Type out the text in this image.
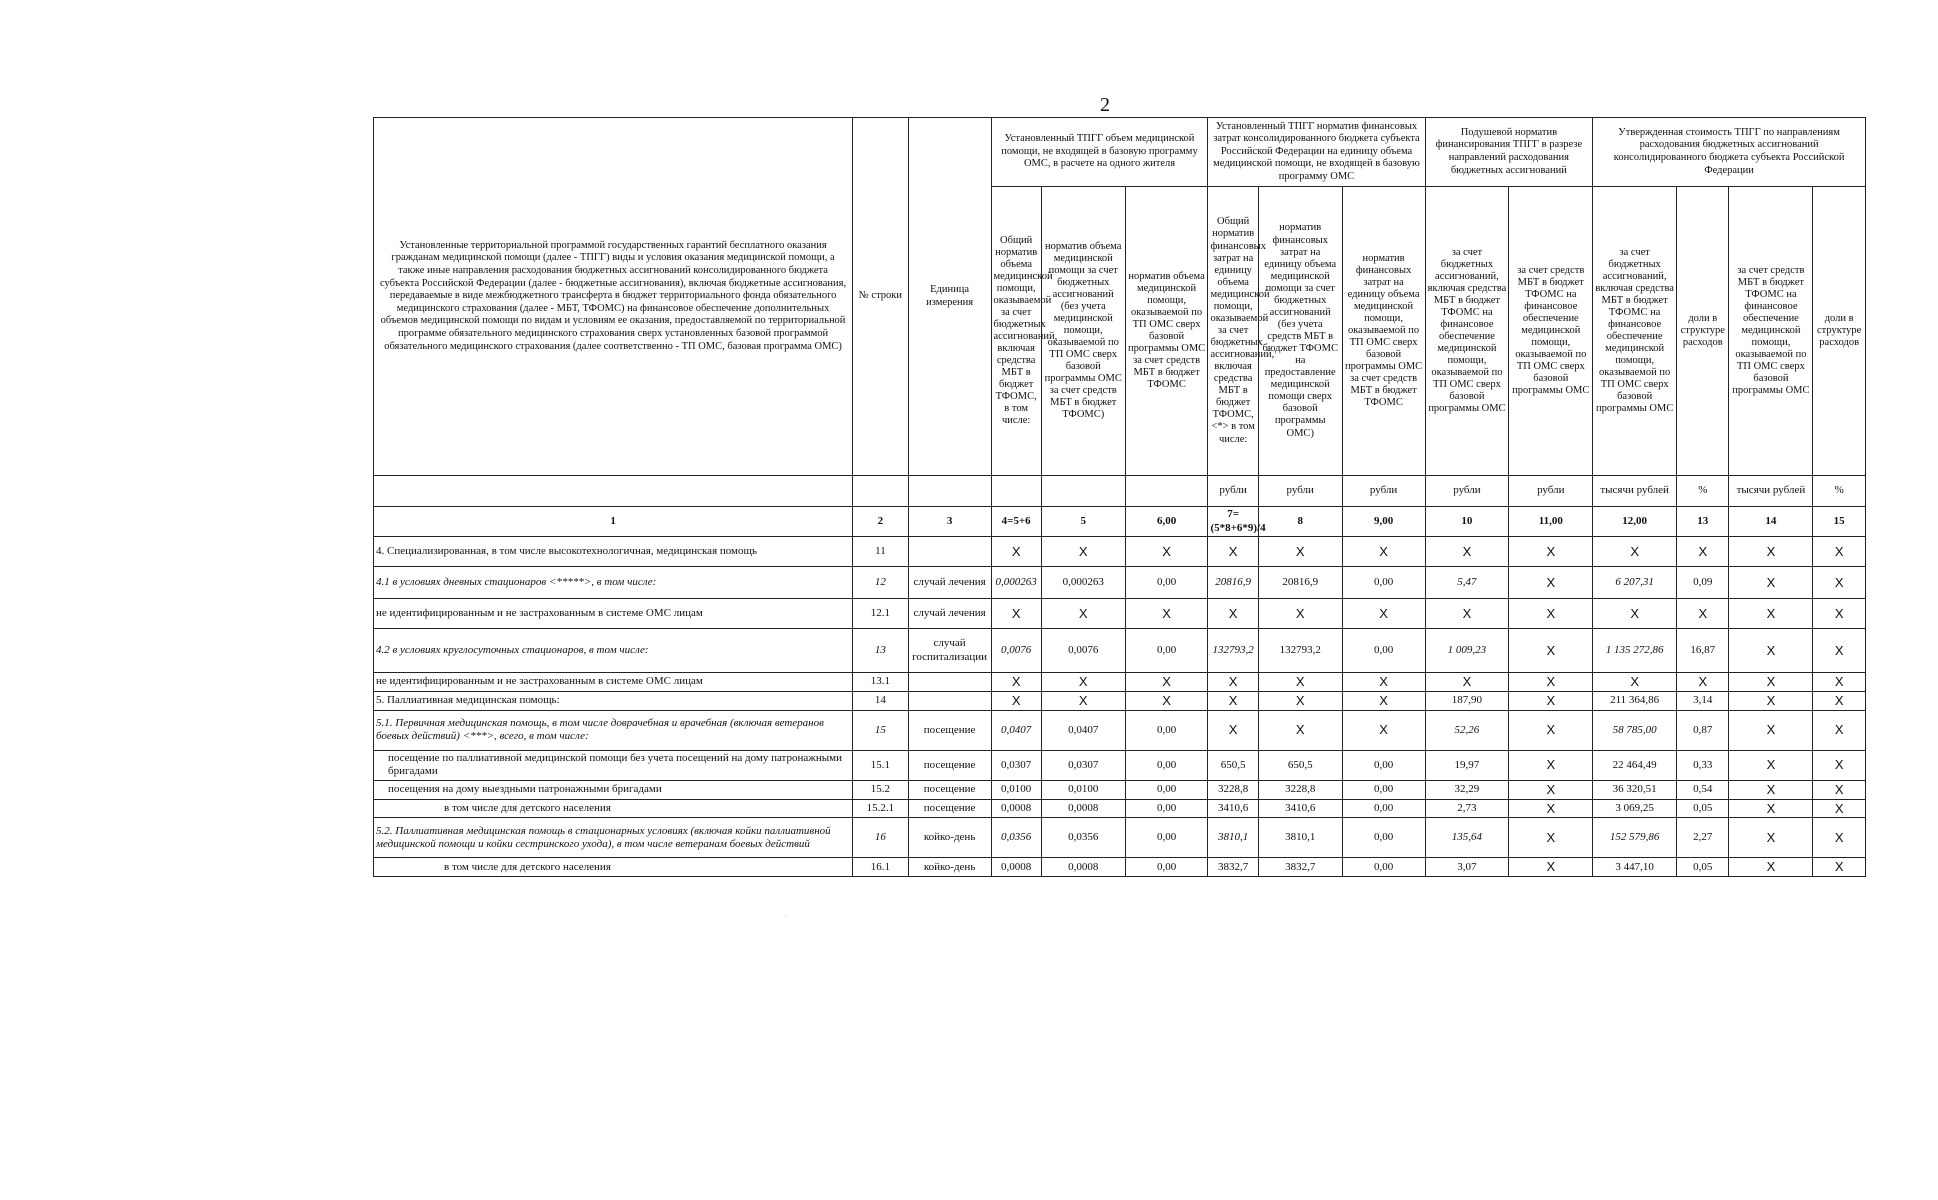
2
Установленные территориальной программой государственных гарантий бесплатного оказания гражданам медицинской помощи (далее - ТПГГ) виды и условия оказания медицинской помощи, а также иные направления расходования бюджетных ассигнований консолидированного бюджета субъекта Российской Федерации (далее - бюджетные ассигнования), включая бюджетные ассигнования, передаваемые в виде межбюджетного трансферта в бюджет территориального фонда обязательного медицинского страхования (далее - МБТ, ТФОМС) на финансовое обеспечение дополнительных объемов медицинской помощи по видам и условиям ее оказания, предоставляемой по территориальной программе обязательного медицинского страхования сверх установленных базовой программой обязательного медицинского страхования (далее соответственно - ТП ОМС, базовая программа ОМС)	№ строки	Единица измерения	Установленный ТПГГ объем медицинской помощи, не входящей в базовую программу ОМС, в расчете на одного жителя			Установленный ТПГГ норматив финансовых затрат консолидированного бюджета субъекта Российской Федерации на единицу объема медицинской помощи, не входящей в базовую программу ОМС			Подушевой норматив финансирования ТПГГ в разрезе направлений расходования бюджетных ассигнований		Утвержденная стоимость ТПГГ по направлениям расходования бюджетных ассигнований консолидированного бюджета субъекта Российской Федерации			
			Общий норматив объема медицинской помощи, оказываемой за счет бюджетных ассигнований, включая средства МБТ в бюджет ТФОМС, в том числе:	норматив объема медицинской помощи за счет бюджетных ассигнований (без учета медицинской помощи, оказываемой по ТП ОМС сверх базовой программы ОМС за счет средств МБТ в бюджет ТФОМС)	норматив объема медицинской помощи, оказываемой по ТП ОМС сверх базовой программы ОМС за счет средств МБТ в бюджет ТФОМС	Общий норматив финансовых затрат на единицу объема медицинской помощи, оказываемой за счет бюджетных ассигнований, включая средства МБТ в бюджет ТФОМС, <*> в том числе:	норматив финансовых затрат на единицу объема медицинской помощи за счет бюджетных ассигнований (без учета средств МБТ в бюджет ТФОМС на предоставление медицинской помощи сверх базовой программы ОМС)	норматив финансовых затрат на единицу объема медицинской помощи, оказываемой по ТП ОМС сверх базовой программы ОМС за счет средств МБТ в бюджет ТФОМС	за счет бюджетных ассигнований, включая средства МБТ в бюджет ТФОМС на финансовое обеспечение медицинской помощи, оказываемой по ТП ОМС сверх базовой программы ОМС	за счет средств МБТ в бюджет ТФОМС на финансовое обеспечение медицинской помощи, оказываемой по ТП ОМС сверх базовой программы ОМС	за счет бюджетных ассигнований, включая средства МБТ в бюджет ТФОМС на финансовое обеспечение медицинской помощи, оказываемой по ТП ОМС сверх базовой программы ОМС	доли в структуре расходов	за счет средств МБТ в бюджет ТФОМС на финансовое обеспечение медицинской помощи, оказываемой по ТП ОМС сверх базовой программы ОМС	доли в структуре расходов
						рубли	рубли	рубли	рубли	рубли	тысячи рублей	%	тысячи рублей	%
1	2	3	4=5+6	5	6,00	7=(5*8+6*9)/4	8	9,00	10	11,00	12,00	13	14	15
4. Специализированная, в том числе высокотехнологичная, медицинская помощь	11		X	X	X	X	X	X	X	X	X	X	X	X
4.1 в условиях дневных стационаров <*****>, в том числе:	12	случай лечения	0,000263	0,000263	0,00	20816,9	20816,9	0,00	5,47	X	6 207,31	0,09	X	X
не идентифицированным и не застрахованным в системе ОМС лицам	12.1	случай лечения	X	X	X	X	X	X	X	X	X	X	X	X
4.2 в условиях круглосуточных стационаров, в том числе:	13	случай госпитализации	0,0076	0,0076	0,00	132793,2	132793,2	0,00	1 009,23	X	1 135 272,86	16,87	X	X
не идентифицированным и не застрахованным в системе ОМС лицам	13.1		X	X	X	X	X	X	X	X	X	X	X	X
5. Паллиативная медицинская помощь:	14		X	X	X	X	X	X	187,90	X	211 364,86	3,14	X	X
5.1. Первичная медицинская помощь, в том числе доврачебная и врачебная (включая ветеранов боевых действий) <***>, всего, в том числе:	15	посещение	0,0407	0,0407	0,00	X	X	X	52,26	X	58 785,00	0,87	X	X
посещение по паллиативной медицинской помощи без учета посещений на дому патронажными бригадами	15.1	посещение	0,0307	0,0307	0,00	650,5	650,5	0,00	19,97	X	22 464,49	0,33	X	X
посещения на дому выездными патронажными бригадами	15.2	посещение	0,0100	0,0100	0,00	3228,8	3228,8	0,00	32,29	X	36 320,51	0,54	X	X
в том числе для детского населения	15.2.1	посещение	0,0008	0,0008	0,00	3410,6	3410,6	0,00	2,73	X	3 069,25	0,05	X	X
5.2. Паллиативная медицинская помощь в стационарных условиях (включая койки паллиативной медицинской помощи и койки сестринского ухода), в том числе ветеранам боевых действий	16	койко-день	0,0356	0,0356	0,00	3810,1	3810,1	0,00	135,64	X	152 579,86	2,27	X	X
в том числе для детского населения	16.1	койко-день	0,0008	0,0008	0,00	3832,7	3832,7	0,00	3,07	X	3 447,10	0,05	X	X
.
